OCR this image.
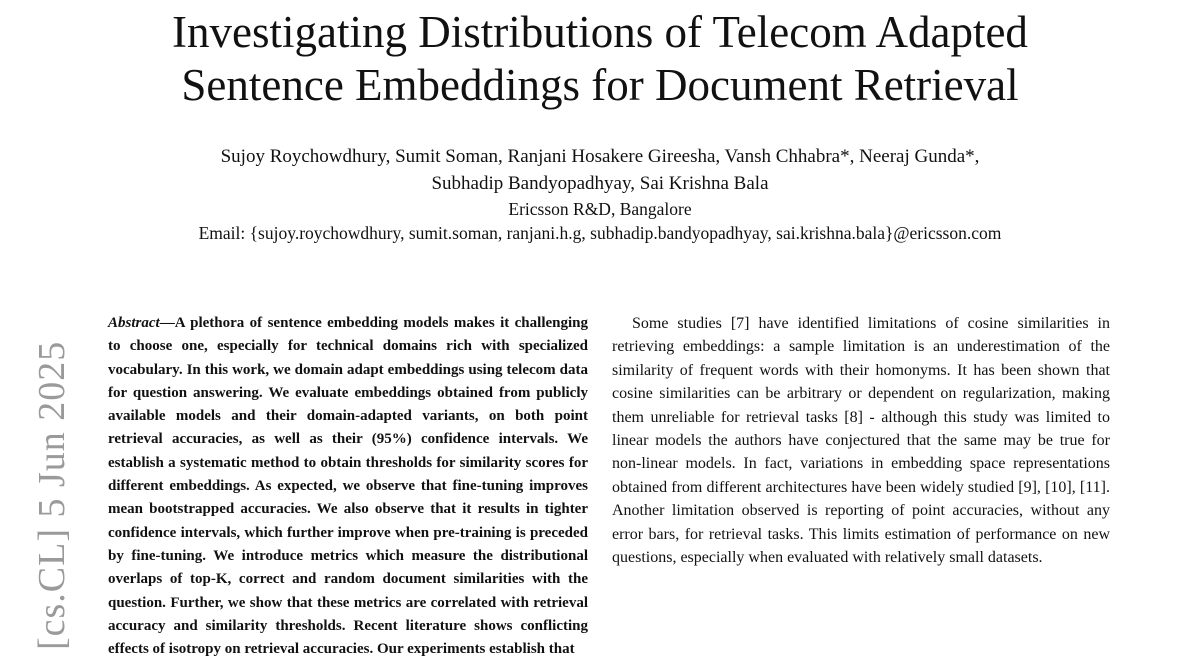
Investigating Distributions of Telecom Adapted
Sentence Embeddings for Document Retrieval
Sujoy Roychowdhury, Sumit Soman, Ranjani Hosakere Gireesha, Vansh Chhabra*, Neeraj Gunda*,
Subhadip Bandyopadhyay, Sai Krishna Bala
Ericsson R&D, Bangalore
Email: {sujoy.roychowdhury, sumit.soman, ranjani.h.g, subhadip.bandyopadhyay, sai.krishna.bala}@ericsson.com
[cs.CL] 5 Jun 2025

Abstract—A plethora of sentence embedding models makes it challenging to choose one, especially for technical domains rich with specialized vocabulary. In this work, we domain adapt embeddings using telecom data for question answering. We evaluate embeddings obtained from publicly available models and their domain-adapted variants, on both point retrieval accuracies, as well as their (95%) confidence intervals. We establish a systematic method to obtain thresholds for similarity scores for different embeddings. As expected, we observe that fine-tuning improves mean bootstrapped accuracies. We also observe that it results in tighter confidence intervals, which further improve when pre-training is preceded by fine-tuning. We introduce metrics which measure the distributional overlaps of top-K, correct and random document similarities with the question. Further, we show that these metrics are correlated with retrieval accuracy and similarity thresholds. Recent literature shows conflicting effects of isotropy on retrieval accuracies. Our experiments establish that

Some studies [7] have identified limitations of cosine similarities in retrieving embeddings: a sample limitation is an underestimation of the similarity of frequent words with their homonyms. It has been shown that cosine similarities can be arbitrary or dependent on regularization, making them unreliable for retrieval tasks [8] - although this study was limited to linear models the authors have conjectured that the same may be true for non-linear models. In fact, variations in embedding space representations obtained from different architectures have been widely studied [9], [10], [11]. Another limitation observed is reporting of point accuracies, without any error bars, for retrieval tasks. This limits estimation of performance on new questions, especially when evaluated with relatively small datasets.
